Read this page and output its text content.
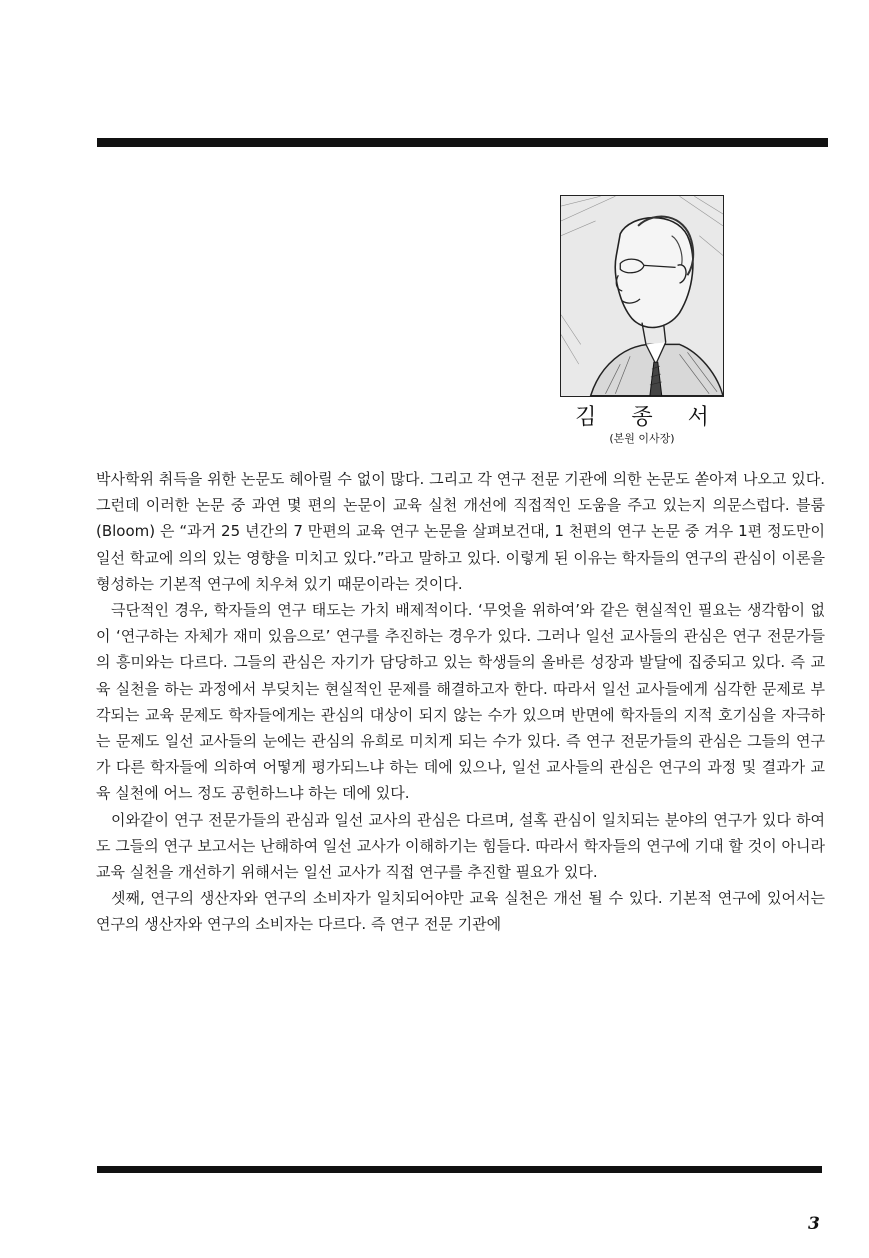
김 종 서
(본원 이사장)

박사학위 취득을 위한 논문도 헤아릴 수 없이 많다. 그리고 각 연구 전문 기관에 의한 논문도 쏟아져 나오고 있다. 그런데 이러한 논문 중 과연 몇 편의 논문이 교육 실천 개선에 직접적인 도움을 주고 있는지 의문스럽다. 블룸(Bloom) 은 “과거 25 년간의 7 만편의 교육 연구 논문을 살펴보건대, 1 천편의 연구 논문 중 겨우 1편 정도만이 일선 학교에 의의 있는 영향을 미치고 있다.”라고 말하고 있다. 이렇게 된 이유는 학자들의 연구의 관심이 이론을 형성하는 기본적 연구에 치우쳐 있기 때문이라는 것이다.

극단적인 경우, 학자들의 연구 태도는 가치 배제적이다. ‘무엇을 위하여’와 같은 현실적인 필요는 생각함이 없이 ‘연구하는 자체가 재미 있음으로’ 연구를 추진하는 경우가 있다. 그러나 일선 교사들의 관심은 연구 전문가들의 흥미와는 다르다. 그들의 관심은 자기가 담당하고 있는 학생들의 올바른 성장과 발달에 집중되고 있다. 즉 교육 실천을 하는 과정에서 부딪치는 현실적인 문제를 해결하고자 한다. 따라서 일선 교사들에게 심각한 문제로 부각되는 교육 문제도 학자들에게는 관심의 대상이 되지 않는 수가 있으며 반면에 학자들의 지적 호기심을 자극하는 문제도 일선 교사들의 눈에는 관심의 유희로 미치게 되는 수가 있다. 즉 연구 전문가들의 관심은 그들의 연구가 다른 학자들에 의하여 어떻게 평가되느냐 하는 데에 있으나, 일선 교사들의 관심은 연구의 과정 및 결과가 교육 실천에 어느 정도 공헌하느냐 하는 데에 있다.

이와같이 연구 전문가들의 관심과 일선 교사의 관심은 다르며, 설혹 관심이 일치되는 분야의 연구가 있다 하여도 그들의 연구 보고서는 난해하여 일선 교사가 이해하기는 힘들다. 따라서 학자들의 연구에 기대 할 것이 아니라 교육 실천을 개선하기 위해서는 일선 교사가 직접 연구를 추진할 필요가 있다.

셋째, 연구의 생산자와 연구의 소비자가 일치되어야만 교육 실천은 개선 될 수 있다. 기본적 연구에 있어서는 연구의 생산자와 연구의 소비자는 다르다. 즉 연구 전문 기관에

3
